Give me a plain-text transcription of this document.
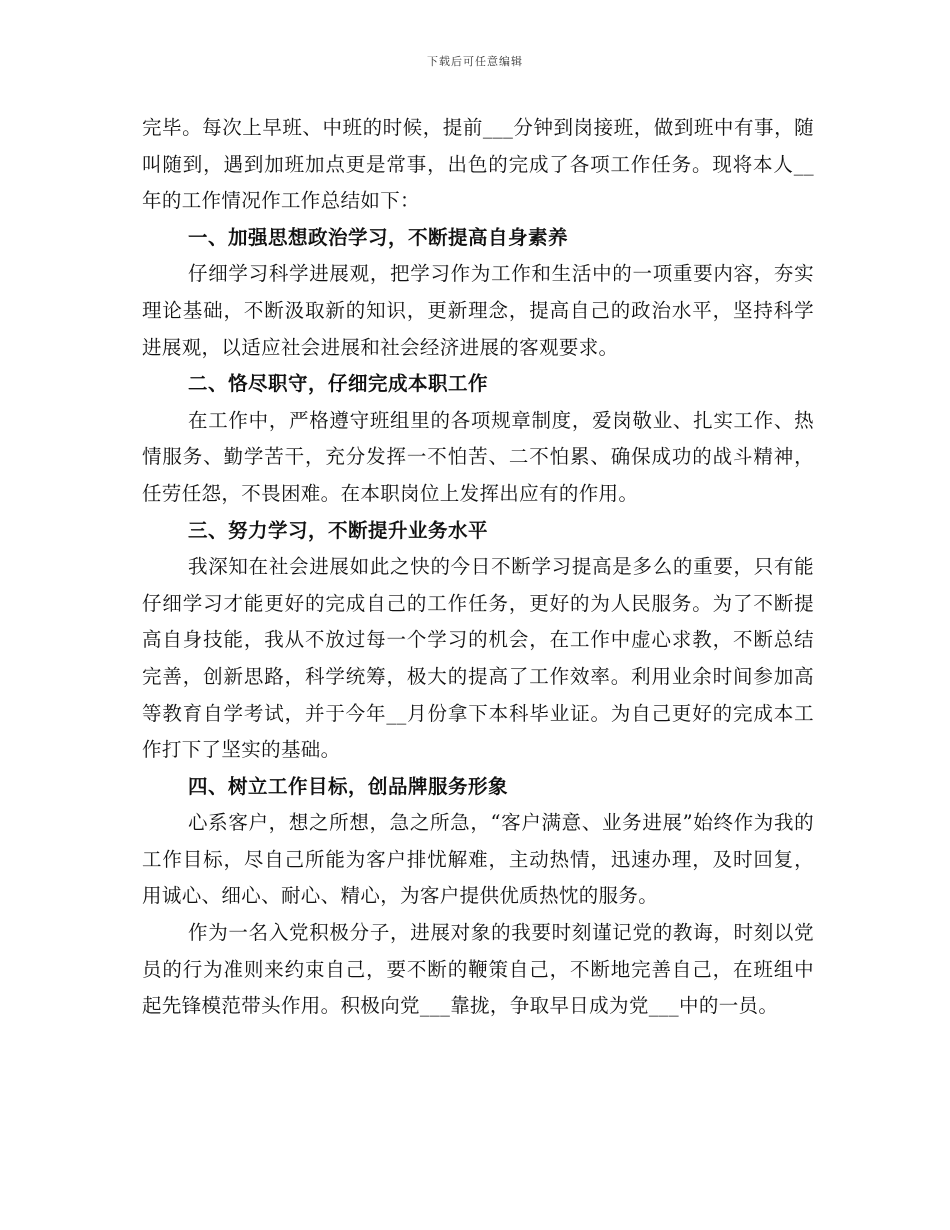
下载后可任意编辑

完毕。每次上早班、中班的时候，提前___分钟到岗接班，做到班中有事，随叫随到，遇到加班加点更是常事，出色的完成了各项工作任务。现将本人__年的工作情况作工作总结如下：

一、加强思想政治学习，不断提高自身素养

仔细学习科学进展观，把学习作为工作和生活中的一项重要内容，夯实理论基础，不断汲取新的知识，更新理念，提高自己的政治水平，坚持科学进展观，以适应社会进展和社会经济进展的客观要求。

二、恪尽职守，仔细完成本职工作

在工作中，严格遵守班组里的各项规章制度，爱岗敬业、扎实工作、热情服务、勤学苦干，充分发挥一不怕苦、二不怕累、确保成功的战斗精神，任劳任怨，不畏困难。在本职岗位上发挥出应有的作用。

三、努力学习，不断提升业务水平

我深知在社会进展如此之快的今日不断学习提高是多么的重要，只有能仔细学习才能更好的完成自己的工作任务，更好的为人民服务。为了不断提高自身技能，我从不放过每一个学习的机会，在工作中虚心求教，不断总结完善，创新思路，科学统筹，极大的提高了工作效率。利用业余时间参加高等教育自学考试，并于今年__月份拿下本科毕业证。为自己更好的完成本工作打下了坚实的基础。

四、树立工作目标，创品牌服务形象

心系客户，想之所想，急之所急，“客户满意、业务进展”始终作为我的工作目标，尽自己所能为客户排忧解难，主动热情，迅速办理，及时回复，用诚心、细心、耐心、精心，为客户提供优质热忱的服务。

作为一名入党积极分子，进展对象的我要时刻谨记党的教诲，时刻以党员的行为准则来约束自己，要不断的鞭策自己，不断地完善自己，在班组中起先锋模范带头作用。积极向党___靠拢，争取早日成为党___中的一员。
